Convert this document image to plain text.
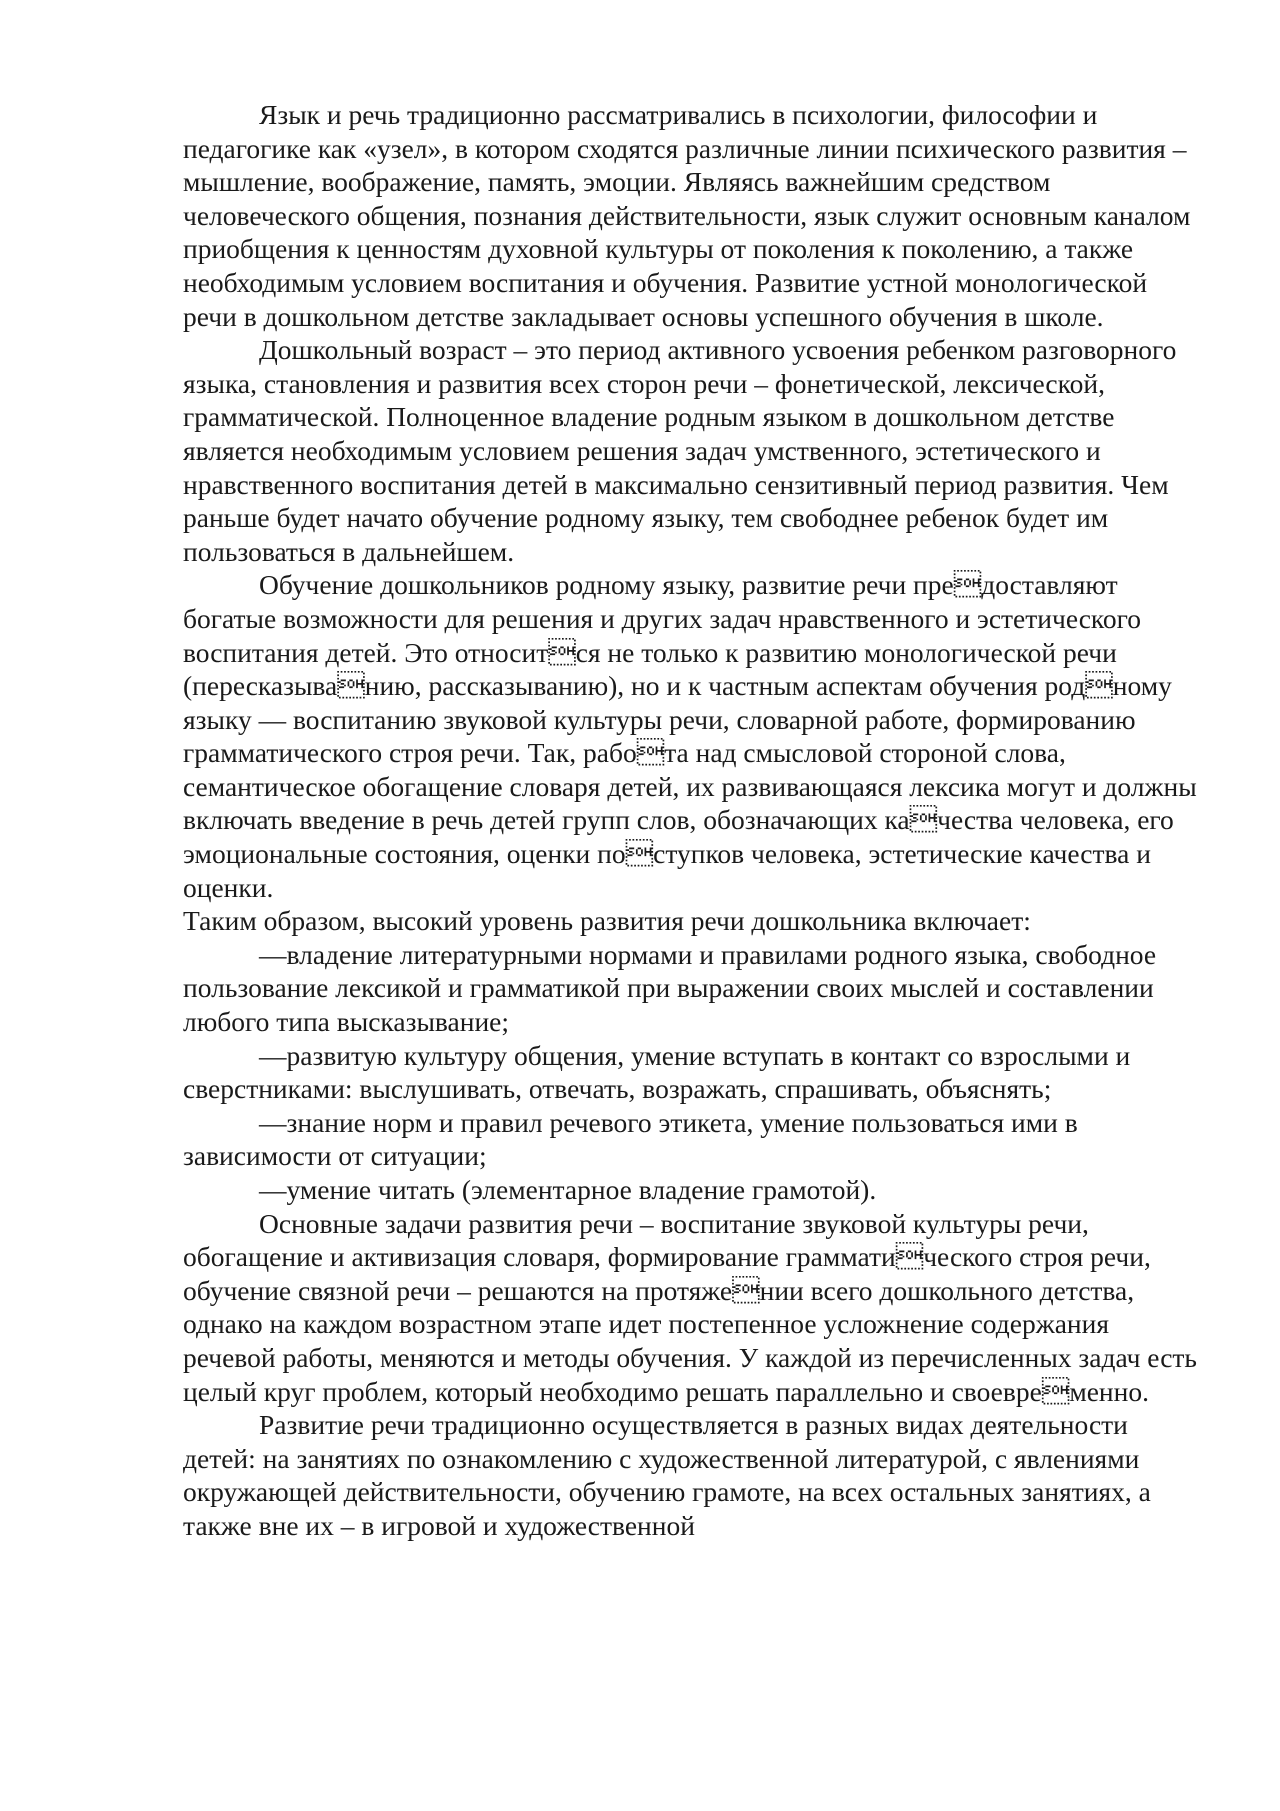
Язык и речь традиционно рассматривались в психологии, философии и педагогике как «узел», в котором сходятся различные линии психического развития – мышление, воображение, память, эмоции. Являясь важнейшим средством человеческого общения, познания действительности, язык служит основным каналом приобщения к ценностям духовной культуры от поколения к поколению, а также необходимым условием воспитания и обучения. Развитие устной монологической речи в дошкольном детстве закладывает основы успешного обучения в школе.

Дошкольный возраст – это период активного усвоения ребенком разговорного языка, становления и развития всех сторон речи – фонетической, лексической, грамматической. Полноценное владение родным языком в дошкольном детстве является необходимым условием решения задач умственного, эстетического и нравственного воспитания детей в максимально сензитивный период развития. Чем раньше будет начато обучение родному языку, тем свободнее ребенок будет им пользоваться в дальнейшем.

Обучение дошкольников родному языку, развитие речи предоставляют богатые возможности для решения и других задач нравственного и эстетического воспитания детей. Это относится не только к развитию монологической речи (пересказыванию, рассказыванию), но и к частным аспектам обучения родному языку — воспитанию звуковой культуры речи, словарной работе, формированию грамматического строя речи. Так, работа над смысловой стороной слова, семантическое обогащение словаря детей, их развивающаяся лексика могут и должны включать введение в речь детей групп слов, обозначающих качества человека, его эмоциональные состояния, оценки поступков человека, эстетические качества и оценки.

Таким образом, высокий уровень развития речи дошкольника включает:

—владение литературными нормами и правилами родного языка, свободное пользование лексикой и грамматикой при выражении своих мыслей и составлении любого типа высказывание;

—развитую культуру общения, умение вступать в контакт со взрослыми и сверстниками: выслушивать, отвечать, возражать, спрашивать, объяснять;

—знание норм и правил речевого этикета, умение пользоваться ими в зависимости от ситуации;

—умение читать (элементарное владение грамотой).

Основные задачи развития речи – воспитание звуковой культуры речи, обогащение и активизация словаря, формирование грамматического строя речи, обучение связной речи – решаются на протяжении всего дошкольного детства, однако на каждом возрастном этапе идет постепенное усложнение содержания речевой работы, меняются и методы обучения. У каждой из перечисленных задач есть целый круг проблем, который необходимо решать параллельно и своевременно.

Развитие речи традиционно осуществляется в разных видах деятельности детей: на занятиях по ознакомлению с художественной литературой, с явлениями окружающей действительности, обучению грамоте, на всех остальных занятиях, а также вне их – в игровой и художественной
